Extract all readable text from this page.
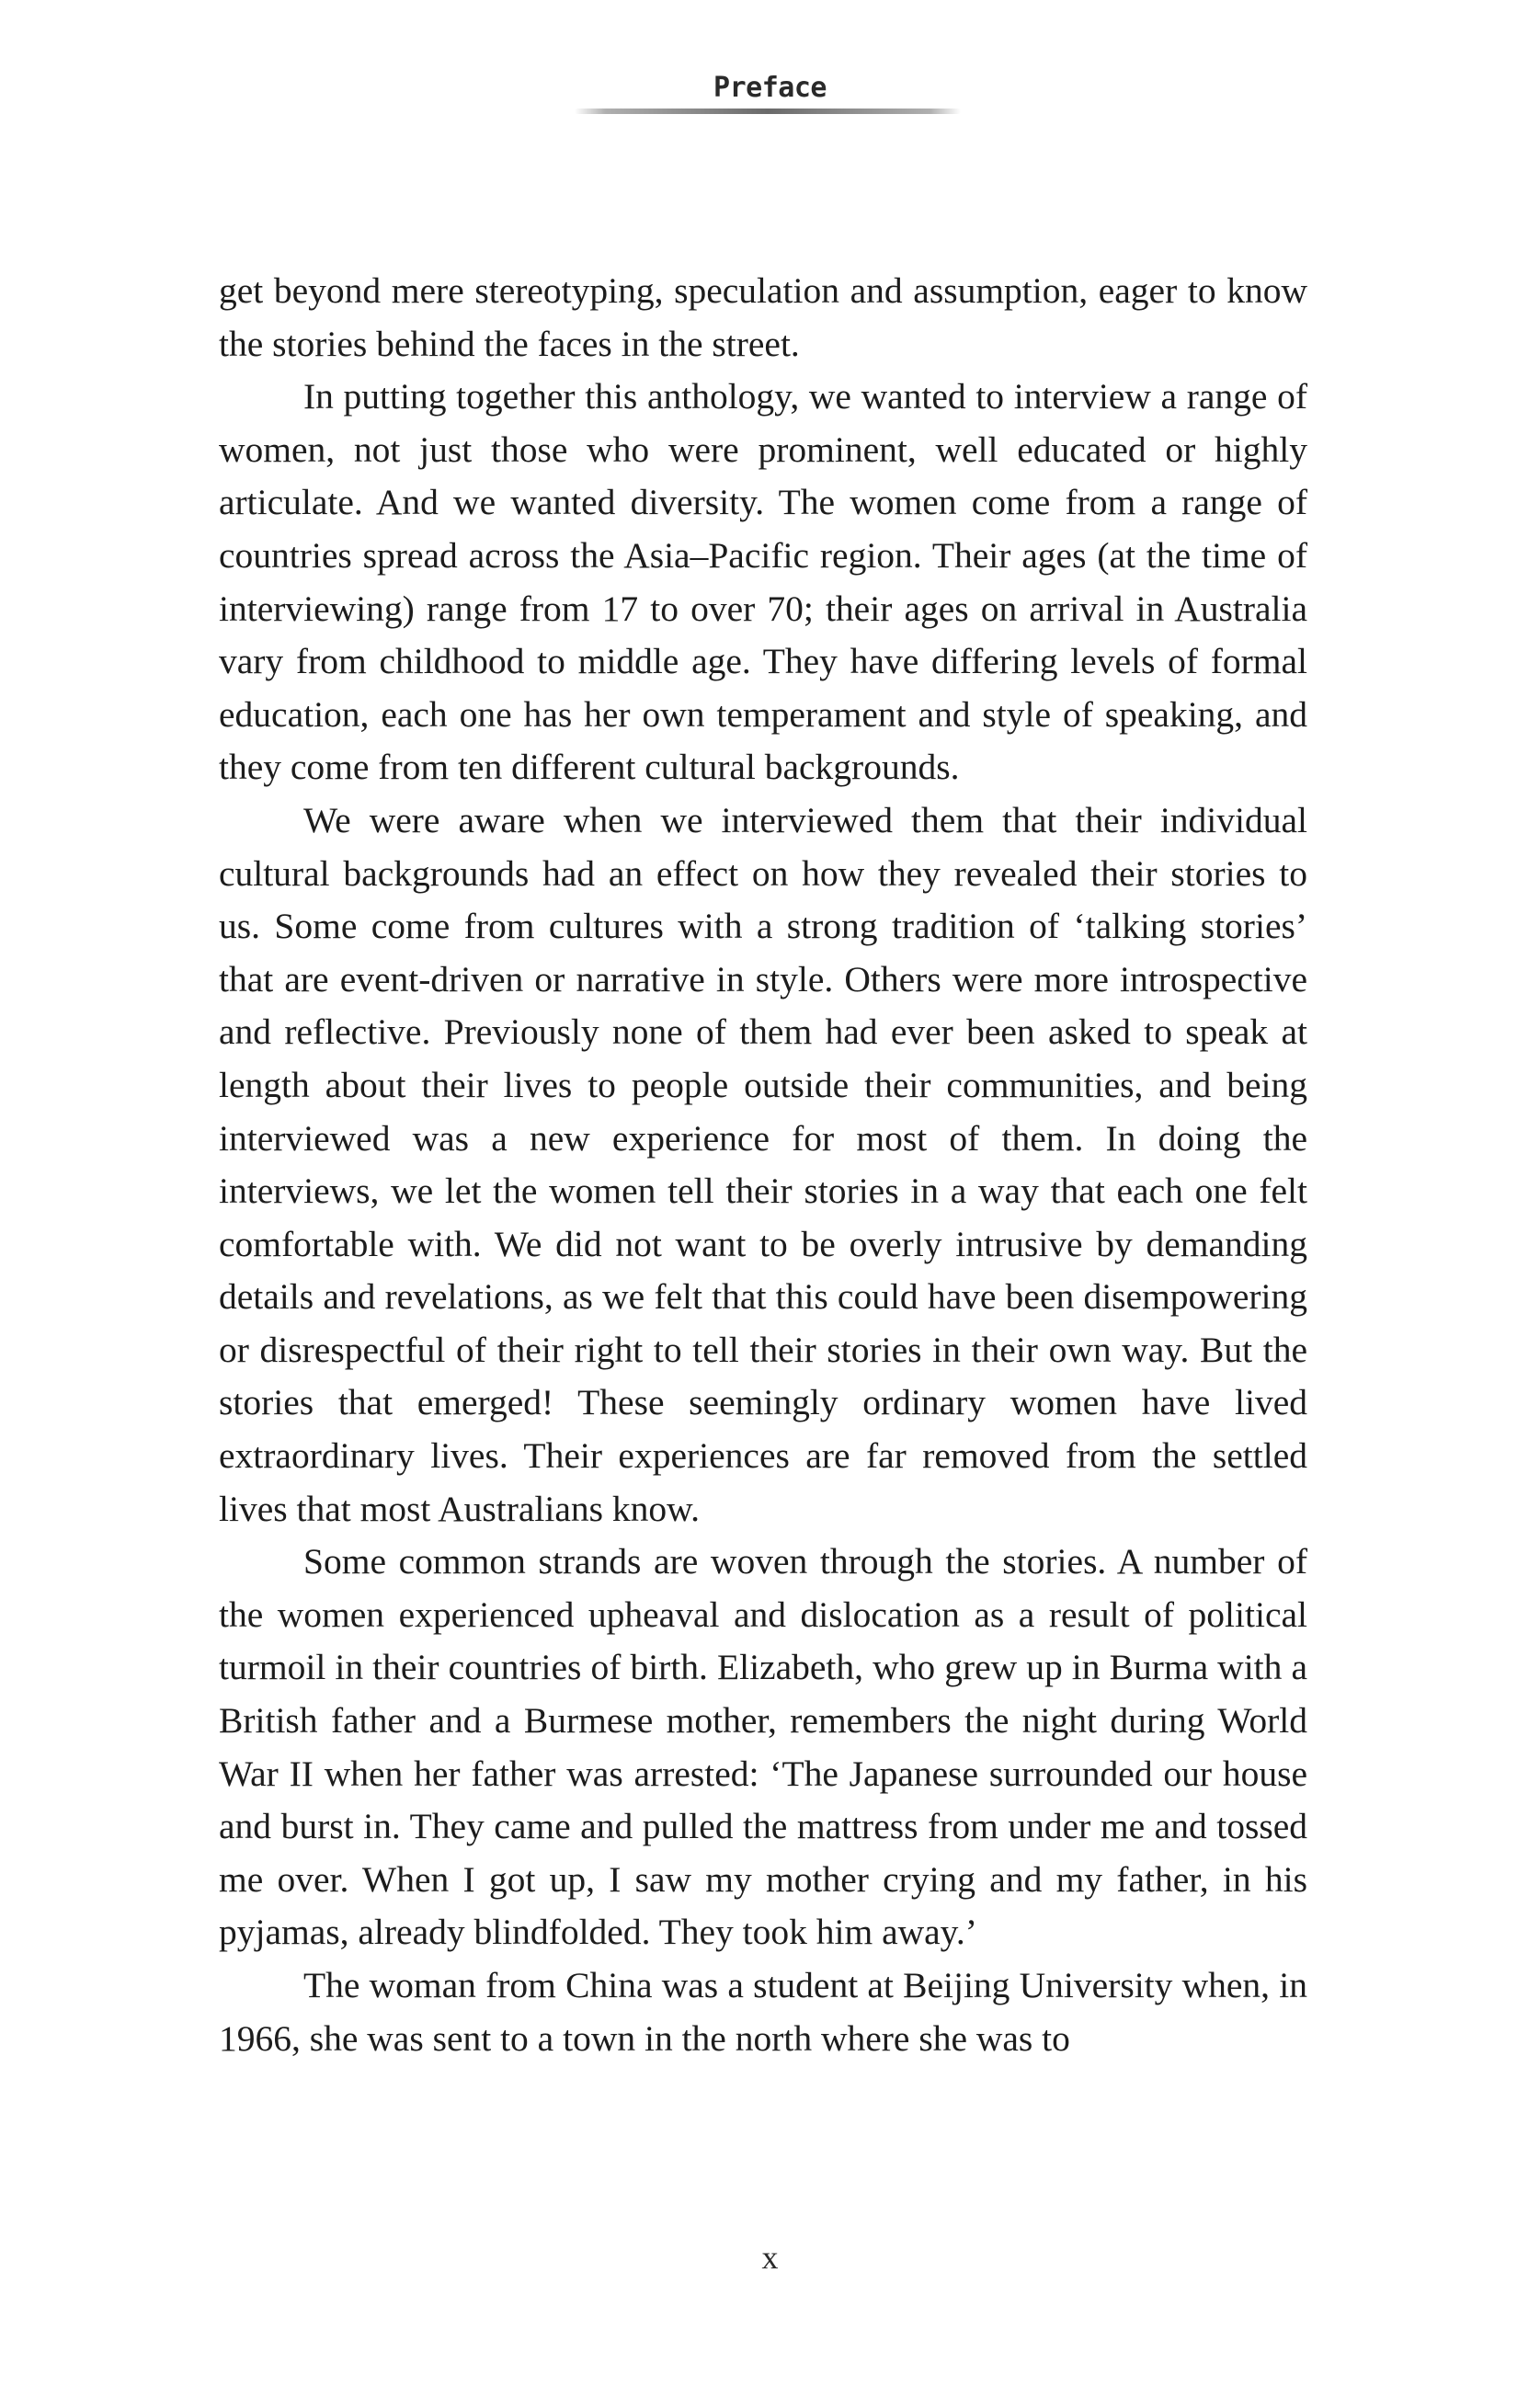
Preface

get beyond mere stereotyping, speculation and assumption, eager to know the stories behind the faces in the street.

In putting together this anthology, we wanted to interview a range of women, not just those who were prominent, well educated or highly articulate. And we wanted diversity. The women come from a range of countries spread across the Asia–Pacific region. Their ages (at the time of interviewing) range from 17 to over 70; their ages on arrival in Australia vary from childhood to middle age. They have differing levels of formal education, each one has her own temperament and style of speaking, and they come from ten different cultural backgrounds.

We were aware when we interviewed them that their individual cultural backgrounds had an effect on how they revealed their stories to us. Some come from cultures with a strong tradition of ‘talking stories’ that are event-driven or narrative in style. Others were more introspective and reflective. Previously none of them had ever been asked to speak at length about their lives to people outside their communities, and being interviewed was a new experience for most of them. In doing the interviews, we let the women tell their stories in a way that each one felt comfortable with. We did not want to be overly intrusive by demanding details and revelations, as we felt that this could have been disempowering or disrespectful of their right to tell their stories in their own way. But the stories that emerged! These seemingly ordinary women have lived extraordinary lives. Their experiences are far removed from the settled lives that most Australians know.

Some common strands are woven through the stories. A number of the women experienced upheaval and dislocation as a result of political turmoil in their countries of birth. Elizabeth, who grew up in Burma with a British father and a Burmese mother, remembers the night during World War II when her father was arrested: ‘The Japanese surrounded our house and burst in. They came and pulled the mattress from under me and tossed me over. When I got up, I saw my mother crying and my father, in his pyjamas, already blindfolded. They took him away.’

The woman from China was a student at Beijing University when, in 1966, she was sent to a town in the north where she was to

x
